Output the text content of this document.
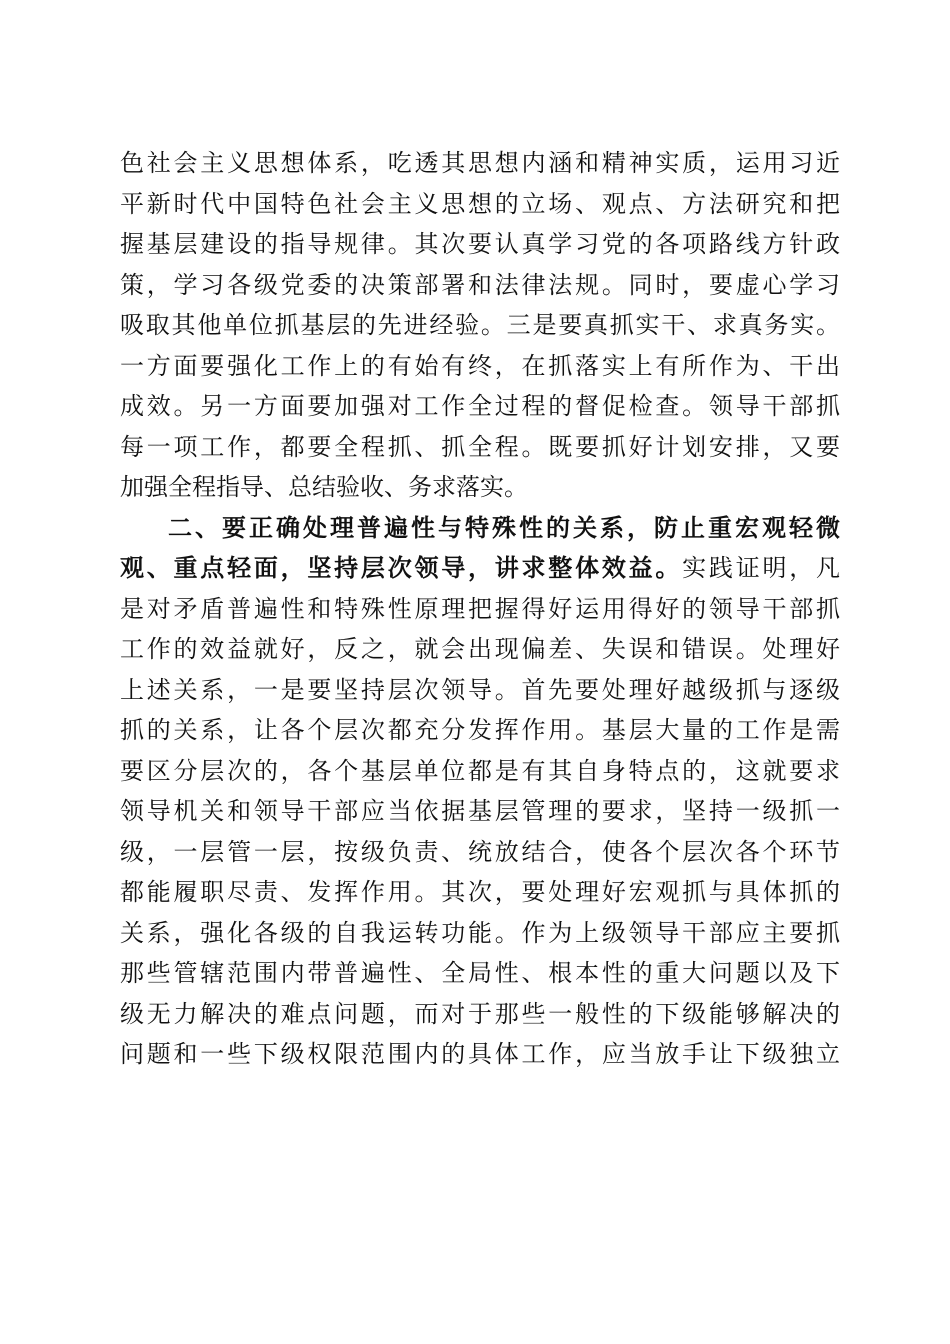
色社会主义思想体系，吃透其思想内涵和精神实质，运用习近
平新时代中国特色社会主义思想的立场、观点、方法研究和把
握基层建设的指导规律。其次要认真学习党的各项路线方针政
策，学习各级党委的决策部署和法律法规。同时，要虚心学习
吸取其他单位抓基层的先进经验。三是要真抓实干、求真务实。
一方面要强化工作上的有始有终，在抓落实上有所作为、干出
成效。另一方面要加强对工作全过程的督促检查。领导干部抓
每一项工作，都要全程抓、抓全程。既要抓好计划安排，又要
加强全程指导、总结验收、务求落实。
二、要正确处理普遍性与特殊性的关系，防止重宏观轻微
观、重点轻面，坚持层次领导，讲求整体效益。实践证明，凡
是对矛盾普遍性和特殊性原理把握得好运用得好的领导干部抓
工作的效益就好，反之，就会出现偏差、失误和错误。处理好
上述关系，一是要坚持层次领导。首先要处理好越级抓与逐级
抓的关系，让各个层次都充分发挥作用。基层大量的工作是需
要区分层次的，各个基层单位都是有其自身特点的，这就要求
领导机关和领导干部应当依据基层管理的要求，坚持一级抓一
级，一层管一层，按级负责、统放结合，使各个层次各个环节
都能履职尽责、发挥作用。其次，要处理好宏观抓与具体抓的
关系，强化各级的自我运转功能。作为上级领导干部应主要抓
那些管辖范围内带普遍性、全局性、根本性的重大问题以及下
级无力解决的难点问题，而对于那些一般性的下级能够解决的
问题和一些下级权限范围内的具体工作，应当放手让下级独立
